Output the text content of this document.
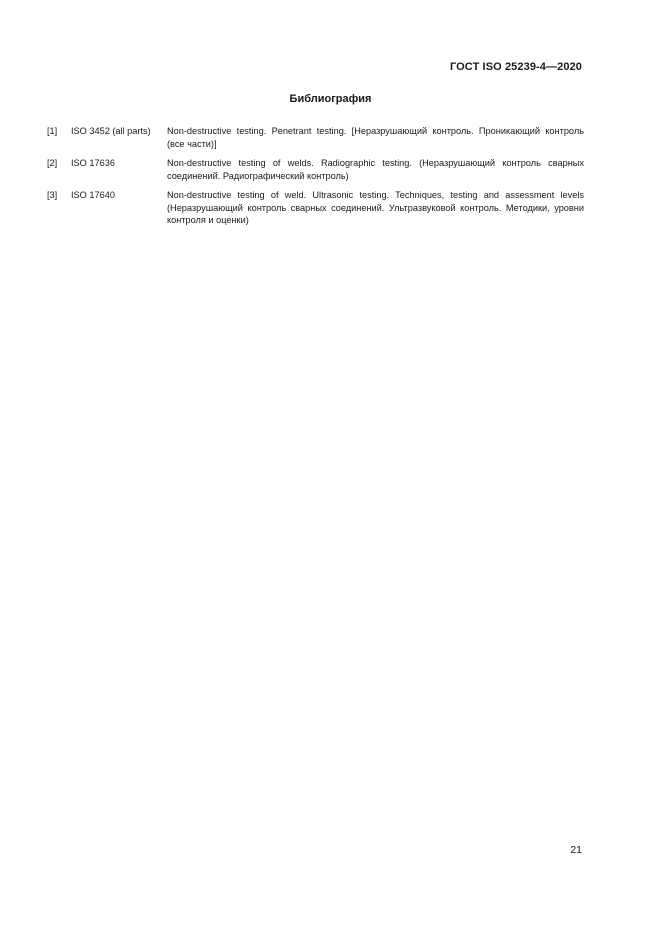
ГОСТ ISO 25239-4—2020
Библиография
[1]	ISO 3452 (all parts)	Non-destructive testing. Penetrant testing. [Неразрушающий контроль. Проникающий контроль (все части)]
[2]	ISO 17636	Non-destructive testing of welds. Radiographic testing. (Неразрушающий контроль сварных соединений. Радиографический контроль)
[3]	ISO 17640	Non-destructive testing of weld. Ultrasonic testing. Techniques, testing and assessment levels (Неразрушающий контроль сварных соединений. Ультразвуковой контроль. Методики, уровни контроля и оценки)
21
